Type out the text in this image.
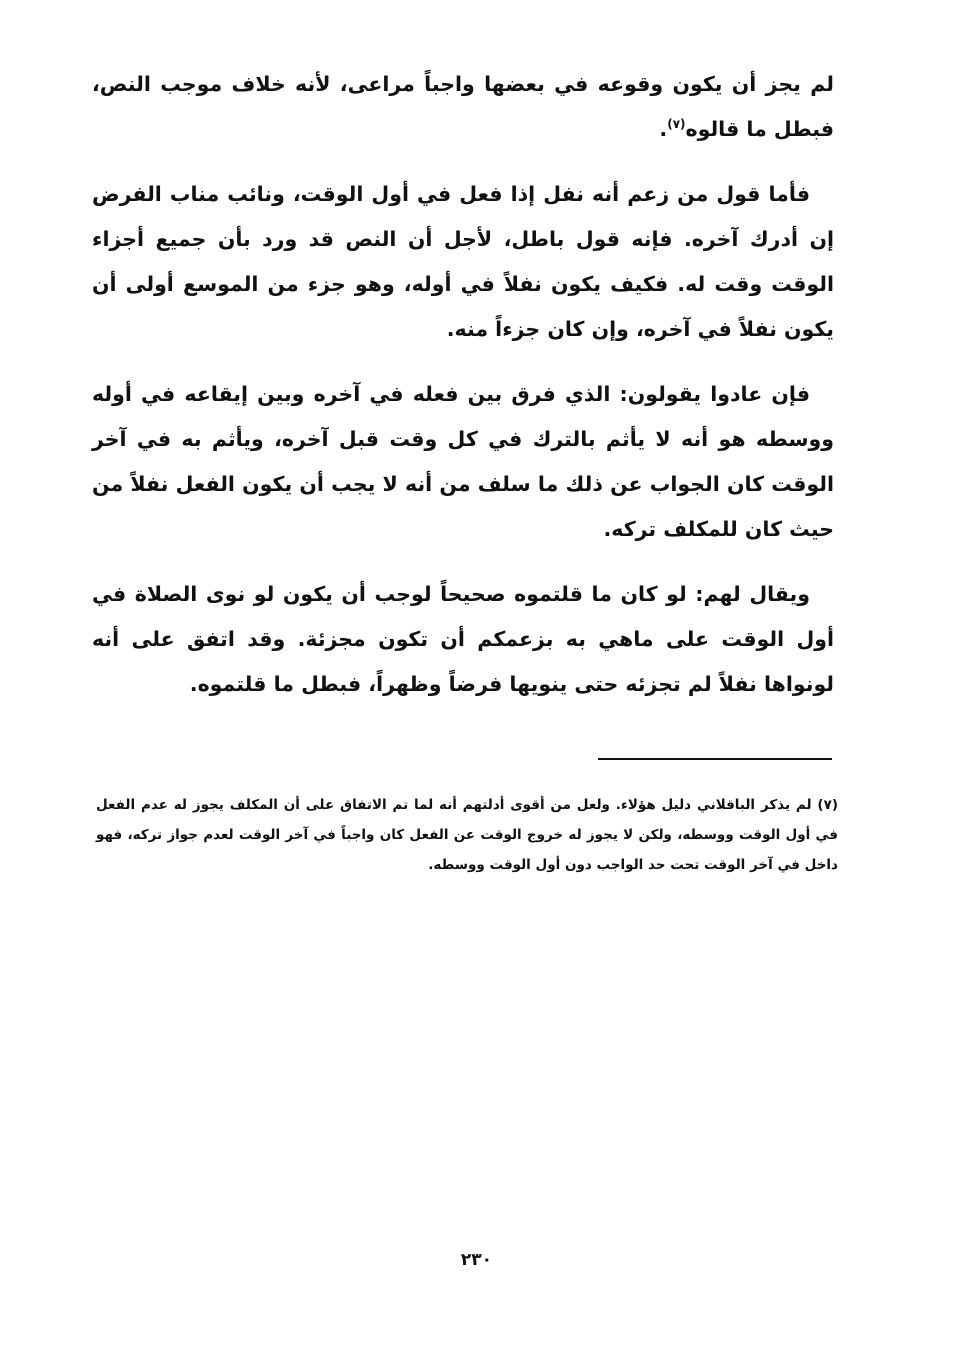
لم يجز أن يكون وقوعه في بعضها واجباً مراعى، لأنه خلاف موجب النص، فبطل ما قالوه$^{(٧)}$.

فأما قول من زعم أنه نفل إذا فعل في أول الوقت، ونائب مناب الفرض إن أدرك آخره. فإنه قول باطل، لأجل أن النص قد ورد بأن جميع أجزاء الوقت وقت له. فكيف يكون نفلاً في أوله، وهو جزء من الموسع أولى أن يكون نفلاً في آخره، وإن كان جزءاً منه.

فإن عادوا يقولون: الذي فرق بين فعله في آخره وبين إيقاعه في أوله ووسطه هو أنه لا يأثم بالترك في كل وقت قبل آخره، ويأثم به في آخر الوقت كان الجواب عن ذلك ما سلف من أنه لا يجب أن يكون الفعل نفلاً من حيث كان للمكلف تركه.

ويقال لهم: لو كان ما قلتموه صحيحاً لوجب أن يكون لو نوى الصلاة في أول الوقت على ماهي به بزعمكم أن تكون مجزئة. وقد اتفق على أنه لونواها نفلاً لم تجزئه حتى ينويها فرضاً وظهراً، فبطل ما قلتموه.

(٧) لم يذكر الباقلاني دليل هؤلاء. ولعل من أقوى أدلتهم أنه لما تم الاتفاق على أن المكلف يجوز له عدم الفعل في أول الوقت ووسطه، ولكن لا يجوز له خروج الوقت عن الفعل كان واجباً في آخر الوقت لعدم جواز تركه، فهو داخل في آخر الوقت تحت حد الواجب دون أول الوقت ووسطه.

٢٣٠
